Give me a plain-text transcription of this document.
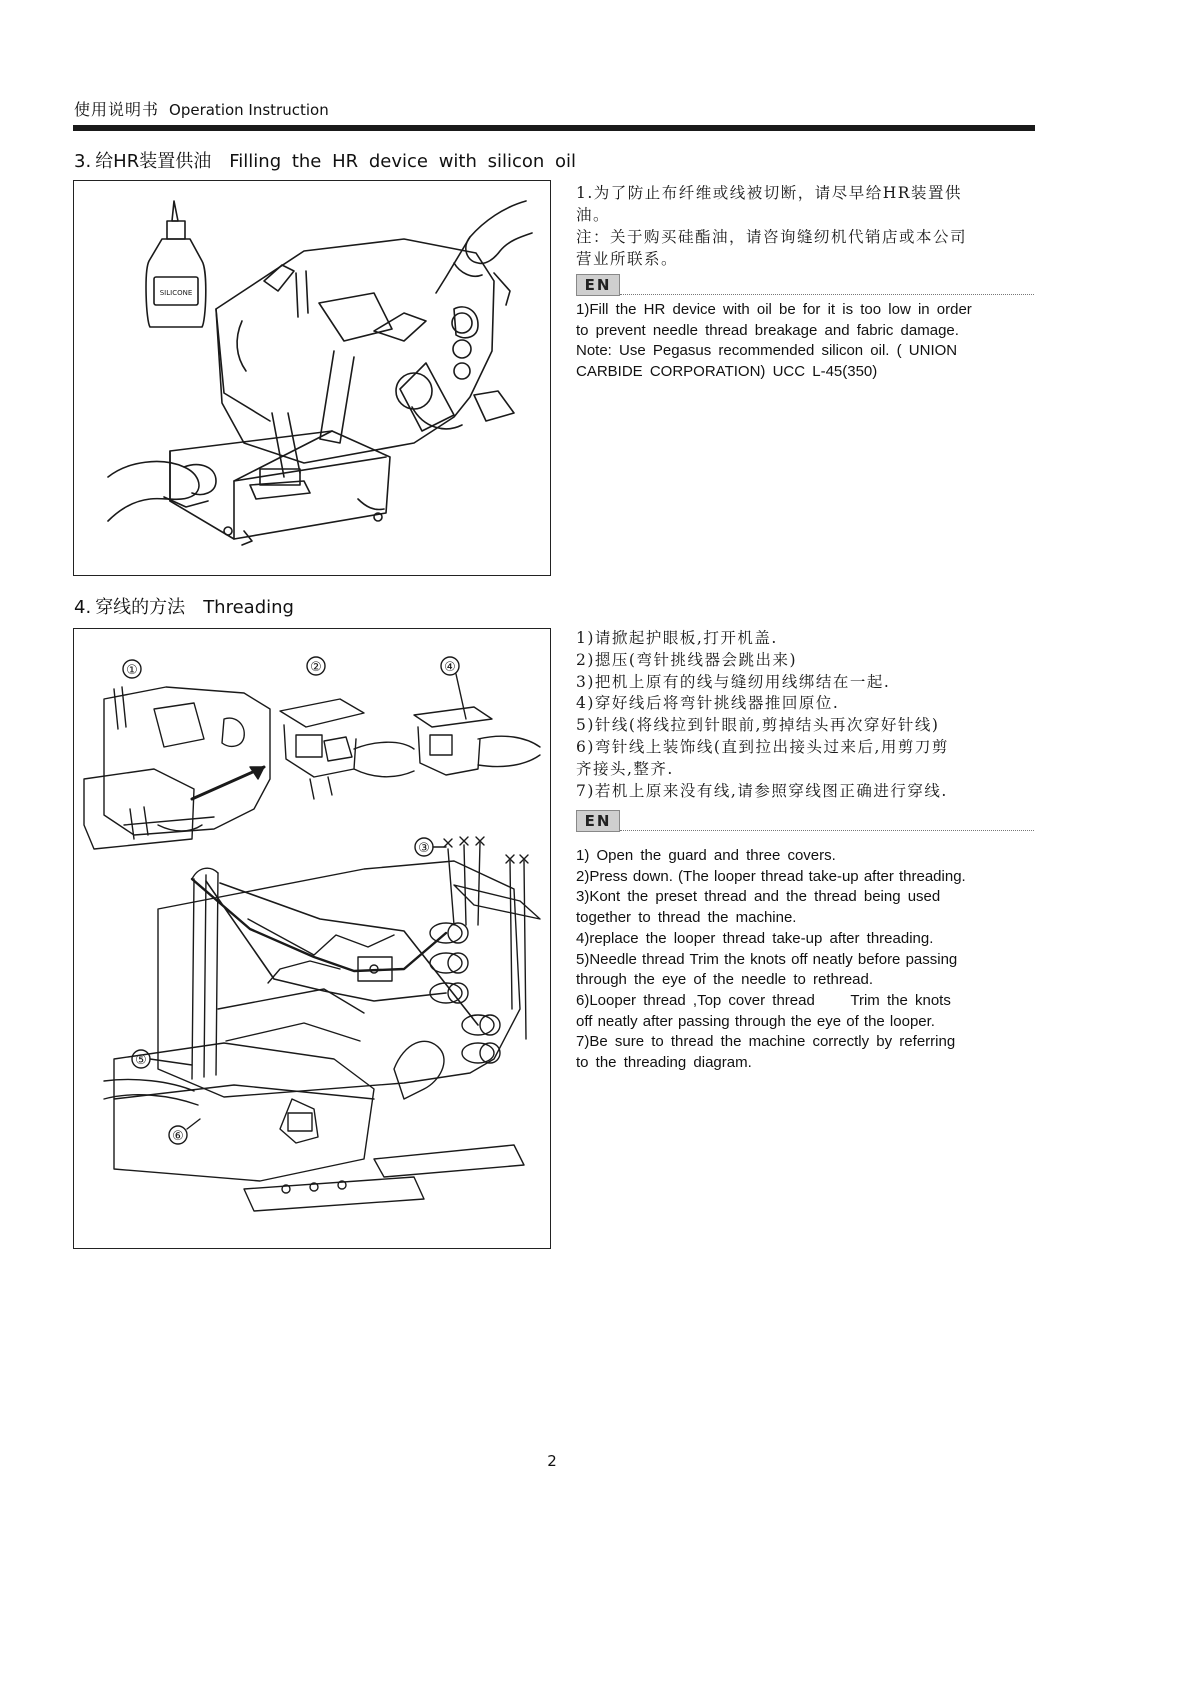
使用说明书 Operation Instruction
3. 给HR装置供油 Filling the HR device with silicon oil
SILICONE
1.为了防止布纤维或线被切断，请尽早给HR装置供
油。
注：关于购买硅酯油，请咨询缝纫机代销店或本公司
营业所联系。
EN
1)Fill the HR device with oil be for it is too low in order
to prevent needle thread breakage and fabric damage.
Note: Use Pegasus recommended silicon oil. ( UNION
CARBIDE CORPORATION) UCC L-45(350)
4. 穿线的方法 Threading
①	②	④
③
⑤
⑥
1)请掀起护眼板,打开机盖.
2)摁压(弯针挑线器会跳出来)
3)把机上原有的线与缝纫用线绑结在一起.
4)穿好线后将弯针挑线器推回原位.
5)针线(将线拉到针眼前,剪掉结头再次穿好针线)
6)弯针线上装饰线(直到拉出接头过来后,用剪刀剪
齐接头,整齐.
7)若机上原来没有线,请参照穿线图正确进行穿线.
EN
1) Open the guard and three covers.
2)Press down. (The looper thread take-up after threading.
3)Kont the preset thread and the thread being used
together to thread the machine.
4)replace the looper thread take-up after threading.
5)Needle thread Trim the knots off neatly before passing
through the eye of the needle to rethread.
6)Looper thread ,Top cover thread     Trim the knots
off neatly after passing through the eye of the looper.
7)Be sure to thread the machine correctly by referring
to the threading diagram.
2
